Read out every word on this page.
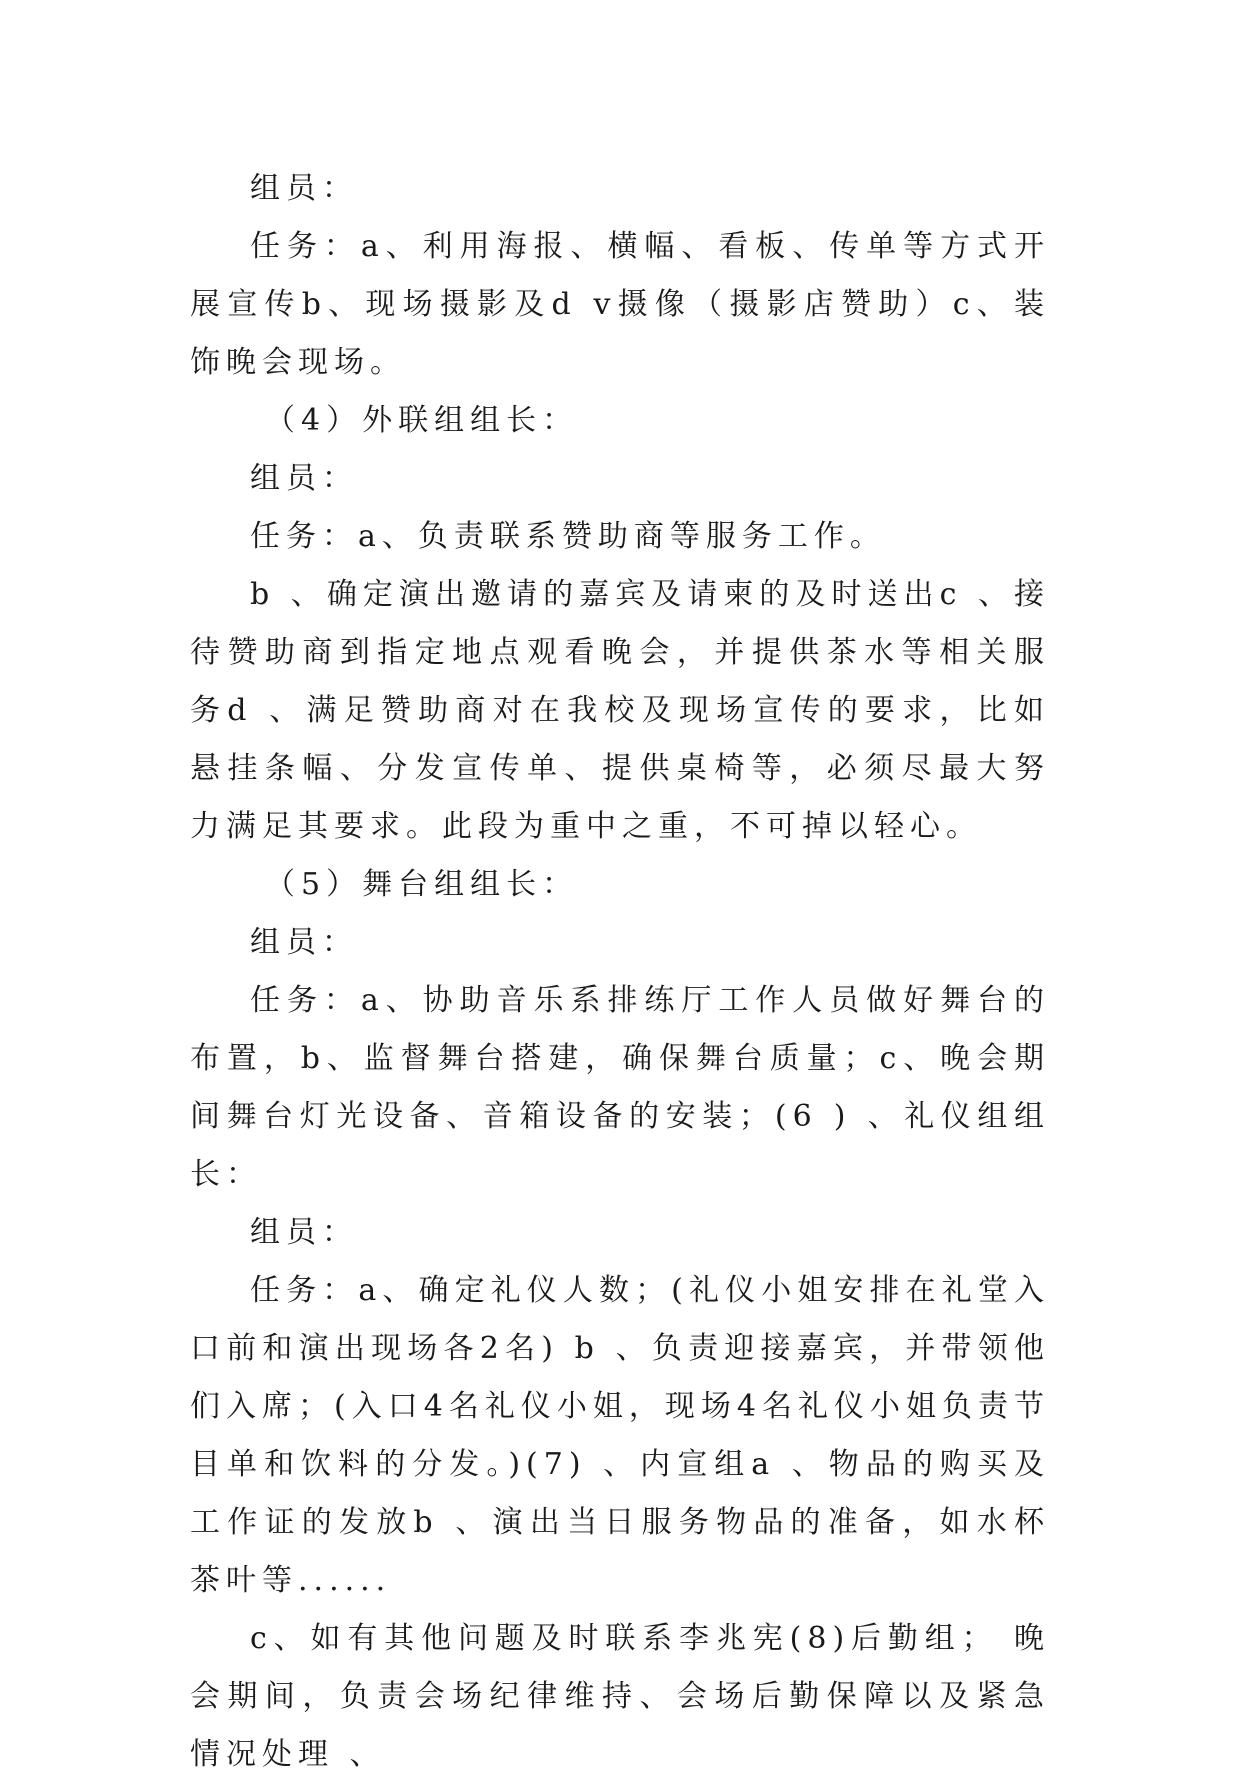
组员：

任务：a、利用海报、横幅、看板、传单等方式开展宣传b、现场摄影及d v摄像（摄影店赞助）c、装饰晚会现场。

（4）外联组组长：

组员：

任务：a、负责联系赞助商等服务工作。

b 、确定演出邀请的嘉宾及请柬的及时送出c 、接待赞助商到指定地点观看晚会，并提供茶水等相关服务d 、满足赞助商对在我校及现场宣传的要求，比如悬挂条幅、分发宣传单、提供桌椅等，必须尽最大努力满足其要求。此段为重中之重，不可掉以轻心。

（5）舞台组组长：

组员：

任务：a、协助音乐系排练厅工作人员做好舞台的布置，b、监督舞台搭建，确保舞台质量；c、晚会期间舞台灯光设备、音箱设备的安装；(6 ) 、礼仪组组长：

组员：

任务：a、确定礼仪人数；(礼仪小姐安排在礼堂入口前和演出现场各2名) b 、负责迎接嘉宾，并带领他们入席；(入口4名礼仪小姐，现场4名礼仪小姐负责节目单和饮料的分发。)(7) 、内宣组a 、物品的购买及工作证的发放b 、演出当日服务物品的准备，如水杯茶叶等......

c、如有其他问题及时联系李兆宪(8)后勤组； 晚会期间，负责会场纪律维持、会场后勤保障以及紧急情况处理 、
